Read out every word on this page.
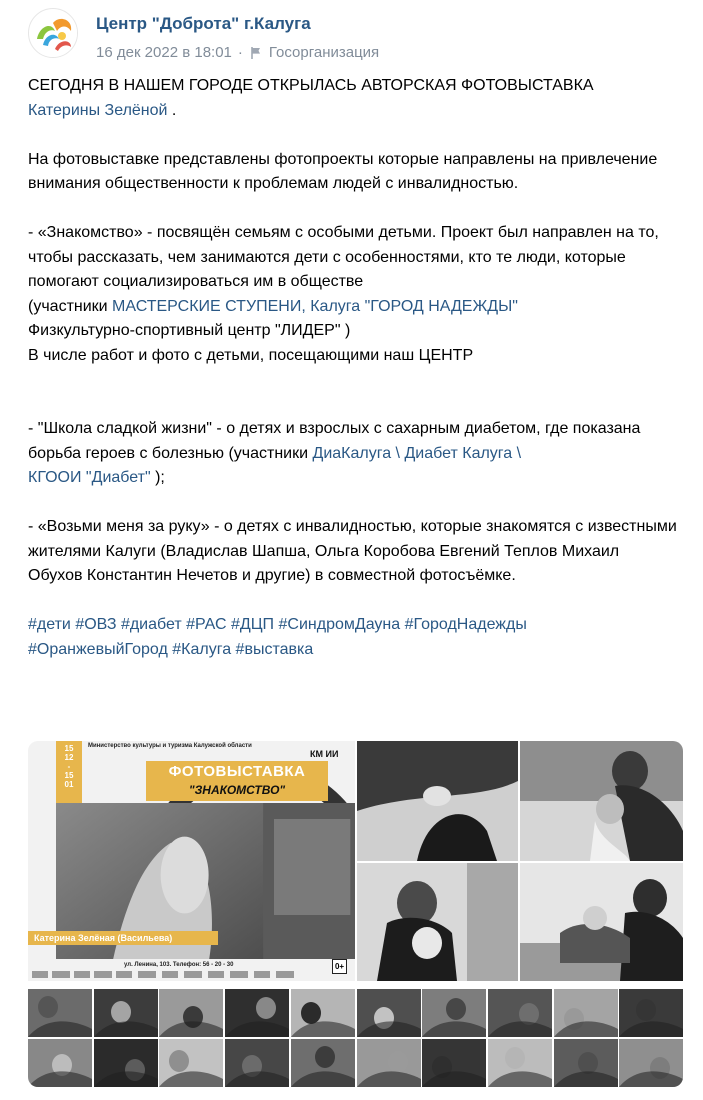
Центр "Доброта" г.Калуга
16 дек 2022 в 18:01 · Госорганизация

СЕГОДНЯ В НАШЕМ ГОРОДЕ ОТКРЫЛАСЬ АВТОРСКАЯ ФОТОВЫСТАВКА
Катерины Зелёной .

На фотовыставке представлены фотопроекты которые направлены на привлечение внимания общественности к проблемам людей с инвалидностью.

- «Знакомство» - посвящён семьям с особыми детьми. Проект был направлен на то, чтобы рассказать, чем занимаются дети с особенностями, кто те люди, которые помогают социализироваться им в обществе
(участники МАСТЕРСКИЕ СТУПЕНИ, Калуга "ГОРОД НАДЕЖДЫ"
Физкультурно-спортивный центр "ЛИДЕР" )
В числе работ и фото с детьми, посещающими наш ЦЕНТР

- "Школа сладкой жизни" - о детях и взрослых с сахарным диабетом, где показана борьба героев с болезнью (участники ДиаКалуга \ Диабет Калуга \
КГООИ "Диабет" );

- «Возьми меня за руку» - о детях с инвалидностью, которые знакомятся с известными жителями Калуги (Владислав Шапша, Ольга Коробова Евгений Теплов Михаил Обухов Константин Нечетов и другие) в совместной фотосъёмке.

#дети #ОВЗ #диабет #РАС #ДЦП #СиндромДауна #ГородНадежды
#ОранжевыйГород #Калуга #выставка

15
12
-
15
01
Министерство культуры и туризма Калужской области
КМ ИИ
ФОТОВЫСТАВКА
"ЗНАКОМСТВО"
Катерина Зелёная (Васильева)
ул. Ленина, 103. Телефон: 56 - 20 - 30	0+
